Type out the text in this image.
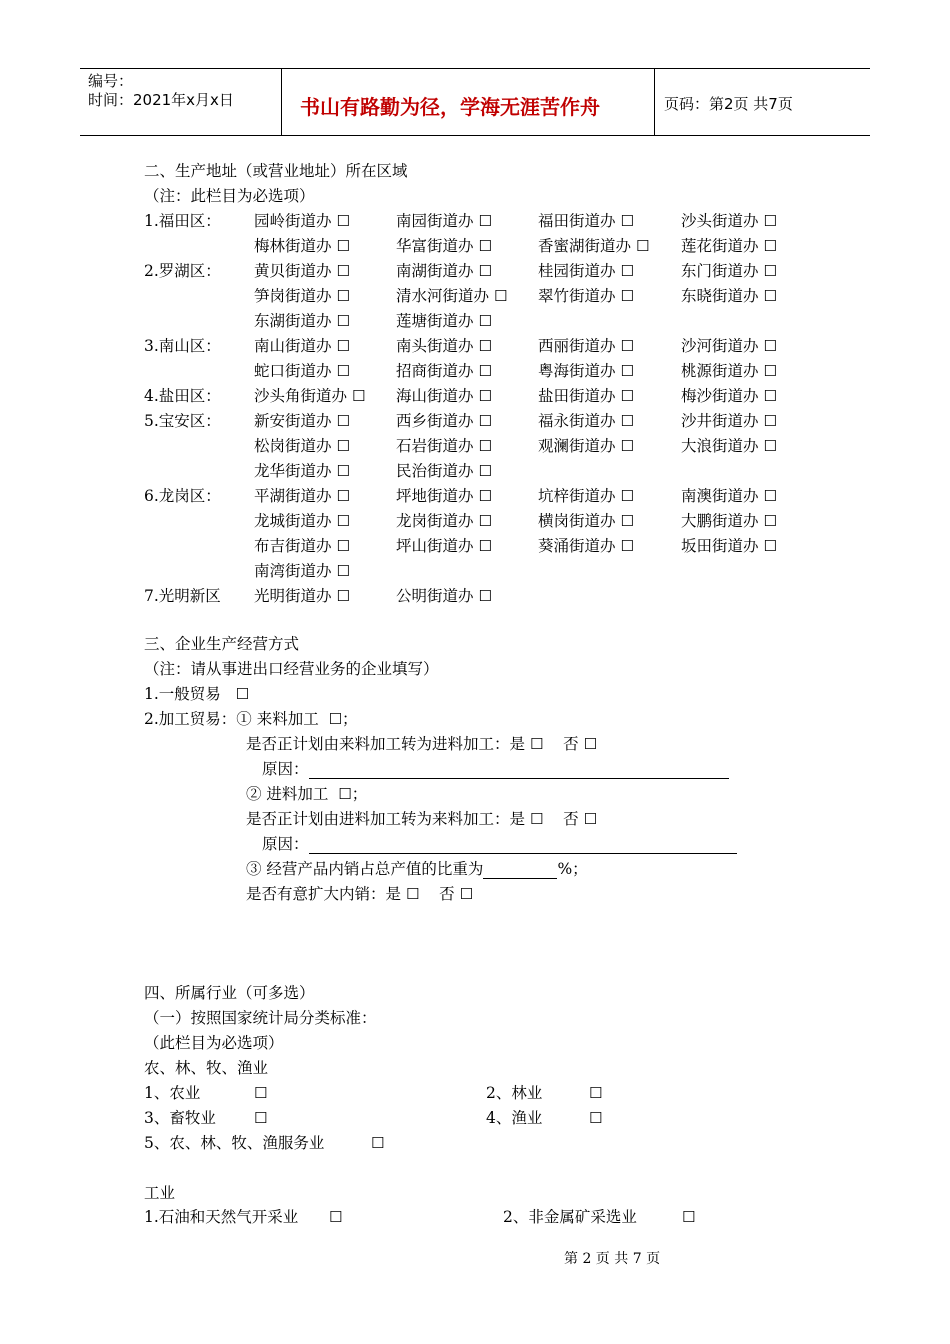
编号：
时间：2021年x月x日	书山有路勤为径，学海无涯苦作舟	页码：第2页 共7页
二、生产地址（或营业地址）所在区域
（注：此栏目为必选项）
1.福田区： 园岭街道办 ☐	南园街道办 ☐	福田街道办 ☐	沙头街道办 ☐
梅林街道办 ☐	华富街道办 ☐	香蜜湖街道办 ☐ 莲花街道办 ☐
2.罗湖区： 黄贝街道办 ☐	南湖街道办 ☐	桂园街道办 ☐	东门街道办 ☐
笋岗街道办 ☐	清水河街道办 ☐ 翠竹街道办 ☐	东晓街道办 ☐
东湖街道办 ☐	莲塘街道办 ☐
3.南山区： 南山街道办 ☐	南头街道办 ☐	西丽街道办 ☐	沙河街道办 ☐
蛇口街道办 ☐	招商街道办 ☐	粤海街道办 ☐	桃源街道办 ☐
4.盐田区： 沙头角街道办 ☐ 海山街道办 ☐	盐田街道办 ☐	梅沙街道办 ☐
5.宝安区： 新安街道办 ☐	西乡街道办 ☐	福永街道办 ☐	沙井街道办 ☐
松岗街道办 ☐	石岩街道办 ☐	观澜街道办 ☐	大浪街道办 ☐
龙华街道办 ☐	民治街道办 ☐
6.龙岗区： 平湖街道办 ☐	坪地街道办 ☐	坑梓街道办 ☐	南澳街道办 ☐
龙城街道办 ☐	龙岗街道办 ☐	横岗街道办 ☐	大鹏街道办 ☐
布吉街道办 ☐	坪山街道办 ☐	葵涌街道办 ☐	坂田街道办 ☐
南湾街道办 ☐
7.光明新区 光明街道办 ☐	公明街道办 ☐
三、企业生产经营方式
（注：请从事进出口经营业务的企业填写）
1.一般贸易 ☐
2.加工贸易：① 来料加工 ☐；
是否正计划由来料加工转为进料加工：是 ☐ 否 ☐
原因：
② 进料加工 ☐；
是否正计划由进料加工转为来料加工：是 ☐ 否 ☐
原因：
③ 经营产品内销占总产值的比重为	%；
是否有意扩大内销：是 ☐ 否 ☐
四、所属行业（可多选）
（一）按照国家统计局分类标准：
（此栏目为必选项）
农、林、牧、渔业
1、农业	☐	2、林业	☐
3、畜牧业	☐	4、渔业	☐
5、农、林、牧、渔服务业	☐
工业
1.石油和天然气开采业 ☐	2、非金属矿采选业	☐
第 2 页 共 7 页
